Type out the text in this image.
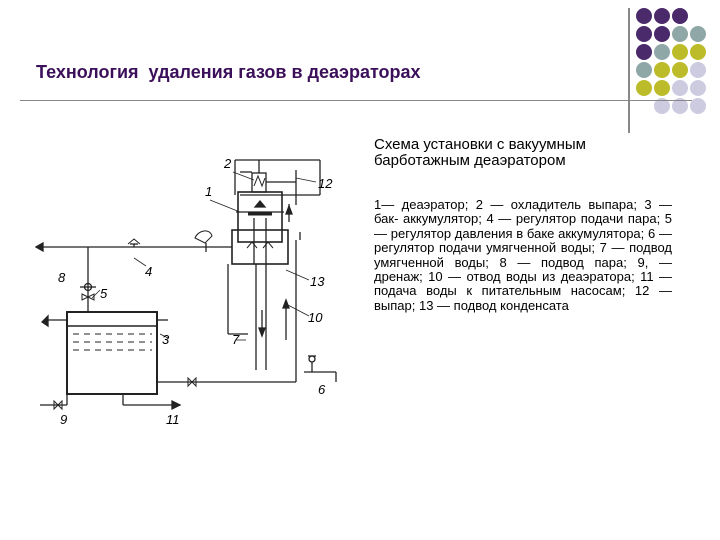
Технология  удаления газов в деаэраторах

Схема установки с вакуумным барботажным деаэратором

1— деаэратор; 2 — охладитель выпара; 3 — бак- аккумулятор; 4 — регулятор подачи пара; 5 — регулятор давления в баке аккумулятора; 6 — регулятор подачи умягченной воды; 7 — подвод умягченной воды; 8 — подвод пара; 9, — дренаж; 10 — отвод воды из деаэратора; 11 — подача воды к питательным насосам; 12 — выпар; 13 — подвод конденсата

1
2
3
4
5
6
7
8
9
10
11
12
13
